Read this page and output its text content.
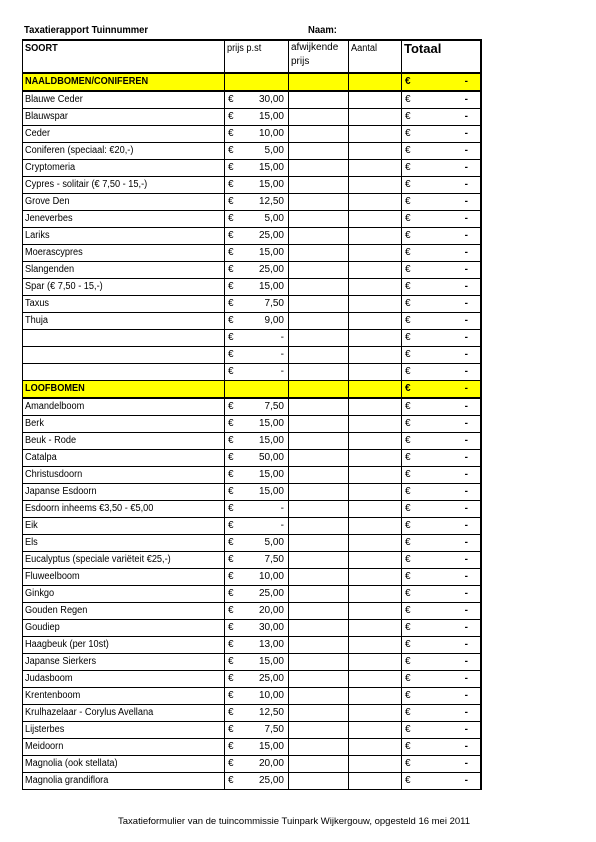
Taxatierapport Tuinnummer	Naam:
SOORT	prijs p.st	afwijkende prijs	Aantal	Totaal
NAALDBOMEN/CONIFEREN				€ -

Blauwe Ceder	€ 30,00			€ -

Blauwspar	€ 15,00			€ -

Ceder	€ 10,00			€ -

Coniferen (speciaal: €20,-)	€ 5,00			€ -

Cryptomeria	€ 15,00			€ -

Cypres - solitair (€ 7,50 - 15,-)	€ 15,00			€ -

Grove Den	€ 12,50			€ -

Jeneverbes	€ 5,00			€ -

Lariks	€ 25,00			€ -

Moerascypres	€ 15,00			€ -

Slangenden	€ 25,00			€ -

Spar (€ 7,50 - 15,-)	€ 15,00			€ -

Taxus	€ 7,50			€ -

Thuja	€ 9,00			€ -

	€ -			€ -

	€ -			€ -

	€ -			€ -

LOOFBOMEN				€ -

Amandelboom	€ 7,50			€ -

Berk	€ 15,00			€ -

Beuk - Rode	€ 15,00			€ -

Catalpa	€ 50,00			€ -

Christusdoorn	€ 15,00			€ -

Japanse Esdoorn	€ 15,00			€ -

Esdoorn inheems €3,50 - €5,00	€ -			€ -

Eik	€ -			€ -

Els	€ 5,00			€ -

Eucalyptus (speciale variëteit €25,-)	€ 7,50			€ -

Fluweelboom	€ 10,00			€ -

Ginkgo	€ 25,00			€ -

Gouden Regen	€ 20,00			€ -

Goudiep	€ 30,00			€ -

Haagbeuk (per 10st)	€ 13,00			€ -

Japanse Sierkers	€ 15,00			€ -

Judasboom	€ 25,00			€ -

Krentenboom	€ 10,00			€ -

Krulhazelaar - Corylus Avellana	€ 12,50			€ -

Lijsterbes	€ 7,50			€ -

Meidoorn	€ 15,00			€ -

Magnolia (ook stellata)	€ 20,00			€ -

Magnolia grandiflora	€ 25,00			€ -
Taxatieformulier van de tuincommissie Tuinpark Wijkergouw, opgesteld 16 mei 2011
